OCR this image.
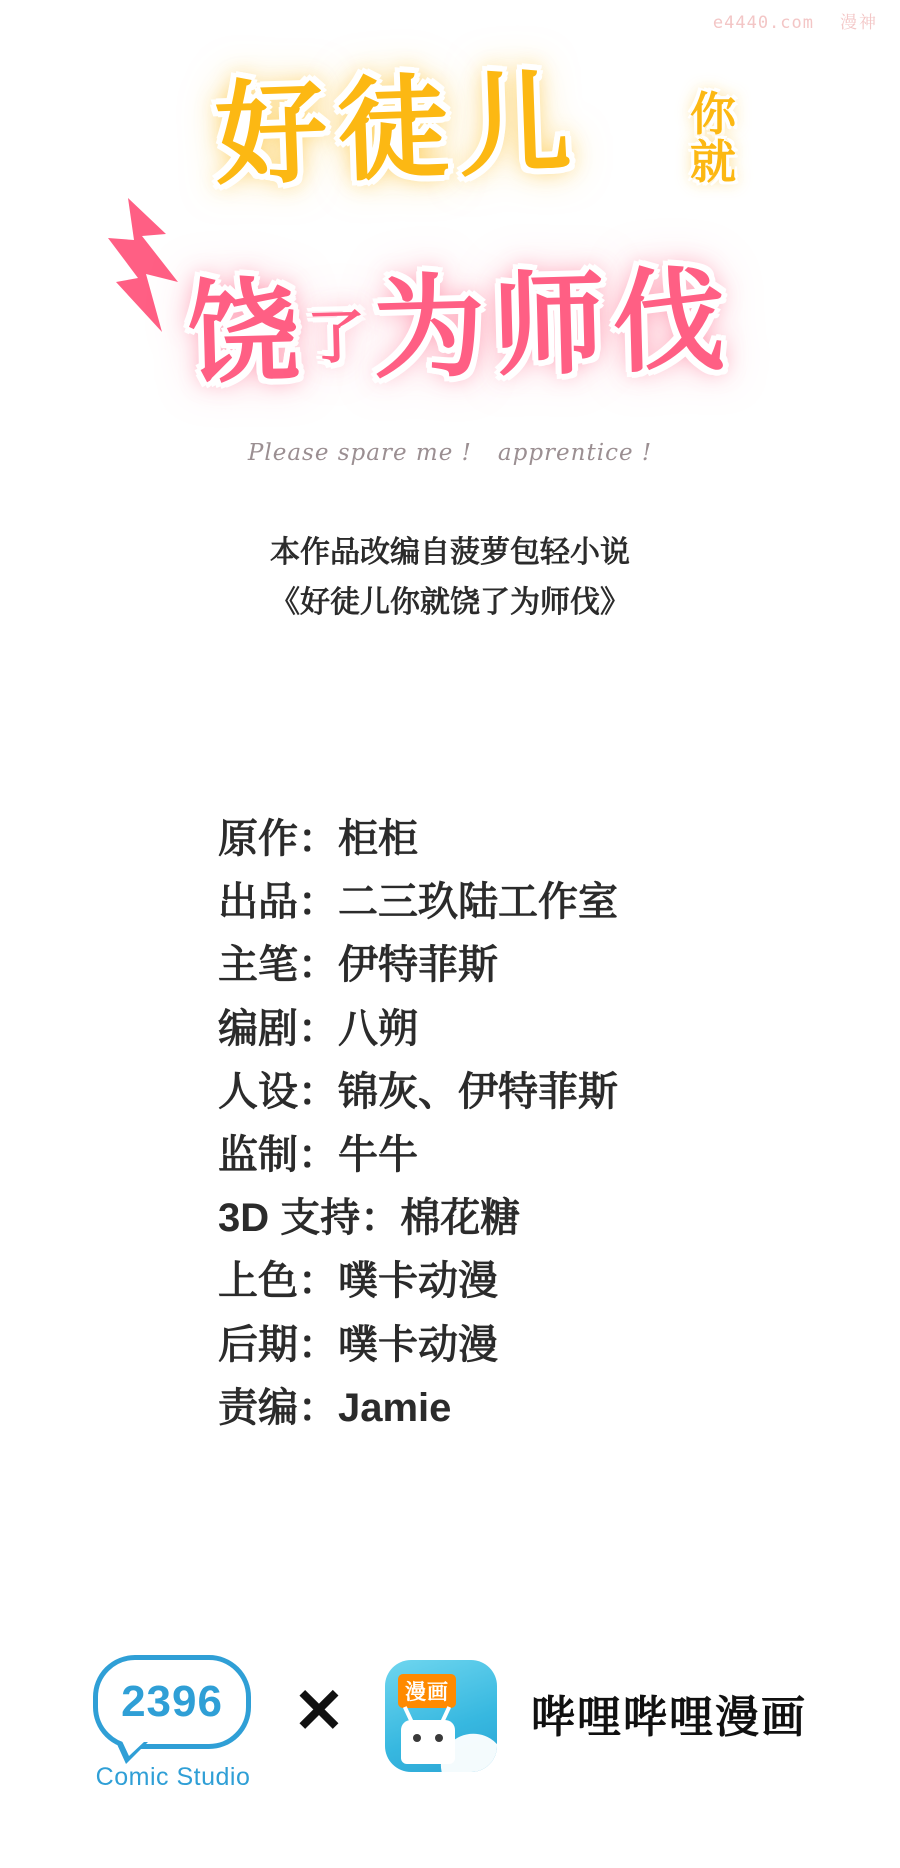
e4440.com 漫神
好徒儿	你
就
饶$^了$为师伐
Please spare me ! apprentice !
本作品改编自菠萝包轻小说
《好徒儿你就饶了为师伐》
原作：柜柜
出品：二三玖陆工作室
主笔：伊特菲斯
编剧：八朔
人设：锦灰、伊特菲斯
监制：牛牛
3D 支持：棉花糖
上色：噗卡动漫
后期：噗卡动漫
责编：Jamie
2396
Comic Studio
✕	漫画
哔哩哔哩漫画
